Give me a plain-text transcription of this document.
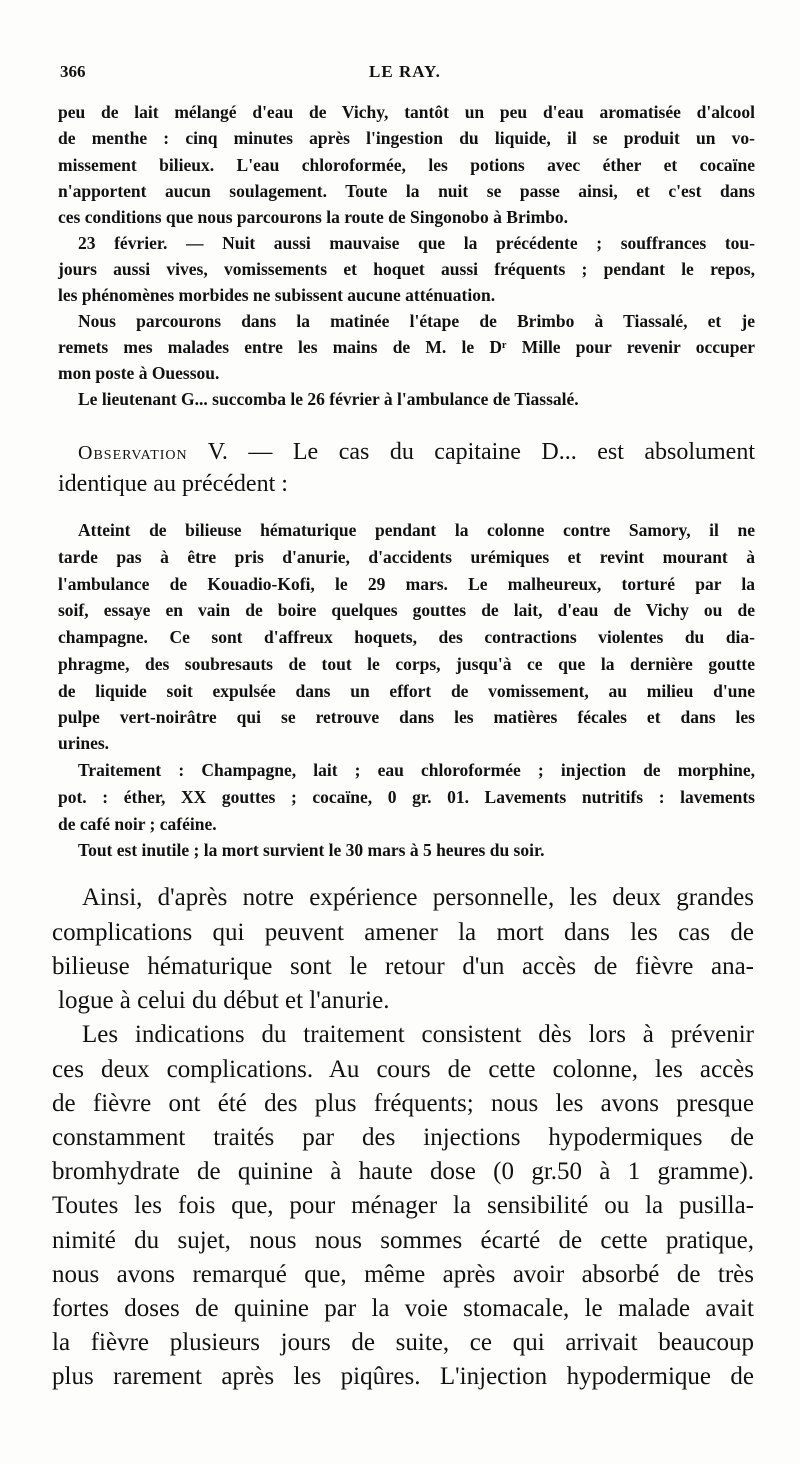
366	LE RAY.
peu de lait mélangé d'eau de Vichy, tantôt un peu d'eau aromatisée d'alcool
de menthe : cinq minutes après l'ingestion du liquide, il se produit un vo-
missement bilieux. L'eau chloroformée, les potions avec éther et cocaïne
n'apportent aucun soulagement. Toute la nuit se passe ainsi, et c'est dans
ces conditions que nous parcourons la route de Singonobo à Brimbo.
23 février. — Nuit aussi mauvaise que la précédente ; souffrances tou-
jours aussi vives, vomissements et hoquet aussi fréquents ; pendant le repos,
les phénomènes morbides ne subissent aucune atténuation.
Nous parcourons dans la matinée l'étape de Brimbo à Tiassalé, et je
remets mes malades entre les mains de M. le Dʳ Mille pour revenir occuper
mon poste à Ouessou.
Le lieutenant G... succomba le 26 février à l'ambulance de Tiassalé.
Observation V. — Le cas du capitaine D... est absolument
identique au précédent :
Atteint de bilieuse hématurique pendant la colonne contre Samory, il ne
tarde pas à être pris d'anurie, d'accidents urémiques et revint mourant à
l'ambulance de Kouadio-Kofi, le 29 mars. Le malheureux, torturé par la
soif, essaye en vain de boire quelques gouttes de lait, d'eau de Vichy ou de
champagne. Ce sont d'affreux hoquets, des contractions violentes du dia-
phragme, des soubresauts de tout le corps, jusqu'à ce que la dernière goutte
de liquide soit expulsée dans un effort de vomissement, au milieu d'une
pulpe vert-noirâtre qui se retrouve dans les matières fécales et dans les
urines.
Traitement : Champagne, lait ; eau chloroformée ; injection de morphine,
pot. : éther, XX gouttes ; cocaïne, 0 gr. 01. Lavements nutritifs : lavements
de café noir ; caféine.
Tout est inutile ; la mort survient le 30 mars à 5 heures du soir.
Ainsi, d'après notre expérience personnelle, les deux grandes
complications qui peuvent amener la mort dans les cas de
bilieuse hématurique sont le retour d'un accès de fièvre ana-
logue à celui du début et l'anurie.
Les indications du traitement consistent dès lors à prévenir
ces deux complications. Au cours de cette colonne, les accès
de fièvre ont été des plus fréquents; nous les avons presque
constamment traités par des injections hypodermiques de
bromhydrate de quinine à haute dose (0 gr.50 à 1 gramme).
Toutes les fois que, pour ménager la sensibilité ou la pusilla-
nimité du sujet, nous nous sommes écarté de cette pratique,
nous avons remarqué que, même après avoir absorbé de très
fortes doses de quinine par la voie stomacale, le malade avait
la fièvre plusieurs jours de suite, ce qui arrivait beaucoup
plus rarement après les piqûres. L'injection hypodermique de
